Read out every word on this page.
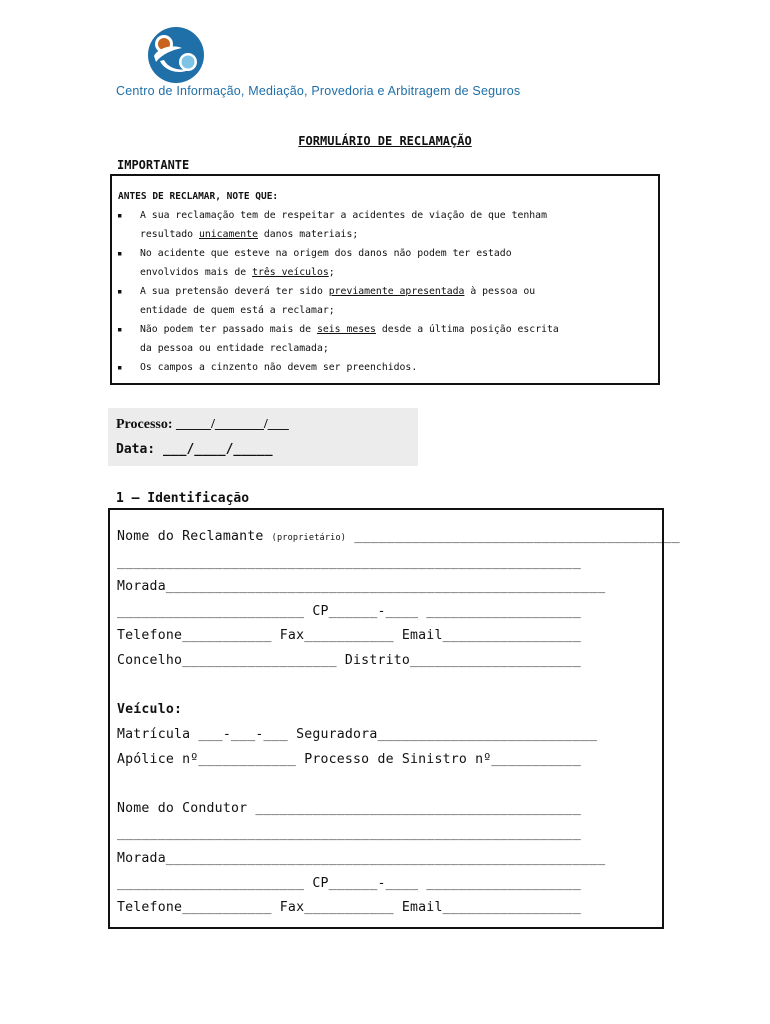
Centro de Informação, Mediação, Provedoria e Arbitragem de Seguros
FORMULÁRIO DE RECLAMAÇÃO
IMPORTANTE
ANTES DE RECLAMAR, NOTE QUE:
▪ A sua reclamação tem de respeitar a acidentes de viação de que tenham
resultado unicamente danos materiais;
▪ No acidente que esteve na origem dos danos não podem ter estado
envolvidos mais de três veículos;
▪ A sua pretensão deverá ter sido previamente apresentada à pessoa ou
entidade de quem está a reclamar;
▪ Não podem ter passado mais de seis meses desde a última posição escrita
da pessoa ou entidade reclamada;
▪ Os campos a cinzento não devem ser preenchidos.
Processo: _____/_______/___
Data: ___/____/_____
1 – Identificação
Nome do Reclamante (proprietário) ________________________________________
_________________________________________________________
Morada______________________________________________________
_______________________ CP______-____ ___________________
Telefone___________ Fax___________ Email_________________
Concelho___________________ Distrito_____________________
Veículo:
Matrícula ___-___-___ Seguradora___________________________
Apólice nº____________ Processo de Sinistro nº___________
Nome do Condutor ________________________________________
_________________________________________________________
Morada______________________________________________________
_______________________ CP______-____ ___________________
Telefone___________ Fax___________ Email_________________
